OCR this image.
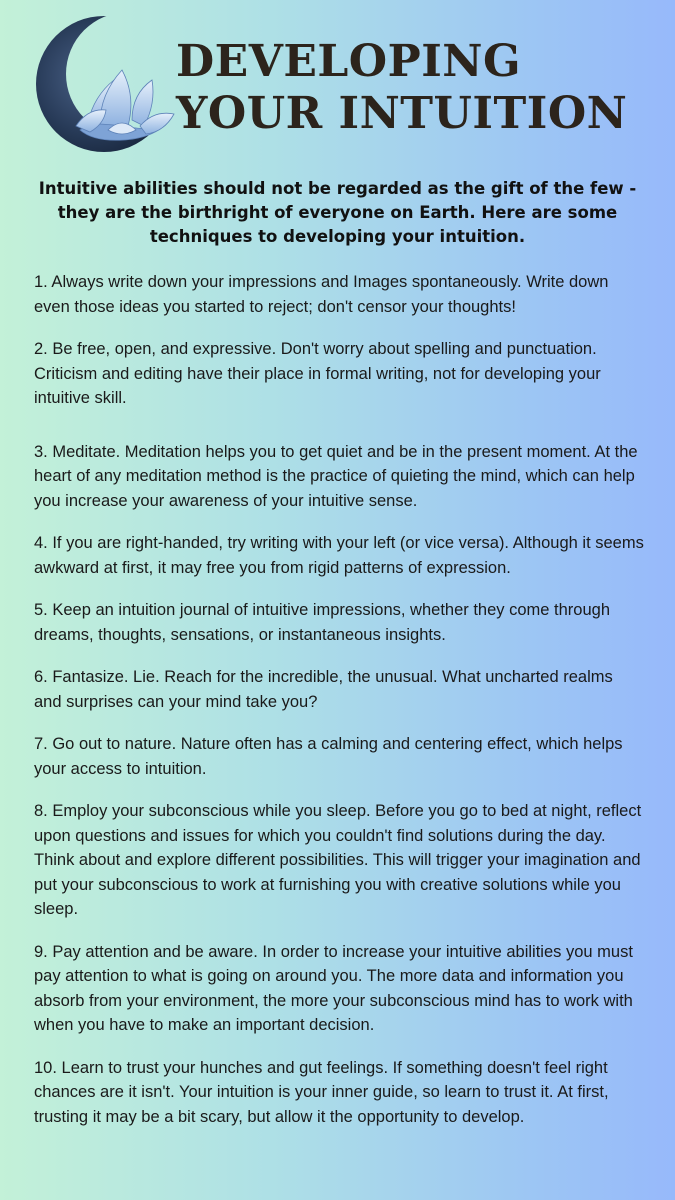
DEVELOPING
YOUR INTUITION

Intuitive abilities should not be regarded as the gift of the few - they are the birthright of everyone on Earth. Here are some techniques to developing your intuition.

1. Always write down your impressions and Images spontaneously. Write down even those ideas you started to reject; don't censor your thoughts!
2. Be free, open, and expressive. Don't worry about spelling and punctuation. Criticism and editing have their place in formal writing, not for developing your intuitive skill.
3. Meditate. Meditation helps you to get quiet and be in the present moment. At the heart of any meditation method is the practice of quieting the mind, which can help you increase your awareness of your intuitive sense.
4. If you are right-handed, try writing with your left (or vice versa). Although it seems awkward at first, it may free you from rigid patterns of expression.
5. Keep an intuition journal of intuitive impressions, whether they come through dreams, thoughts, sensations, or instantaneous insights.
6. Fantasize. Lie. Reach for the incredible, the unusual. What uncharted realms and surprises can your mind take you?
7. Go out to nature. Nature often has a calming and centering effect, which helps your access to intuition.
8. Employ your subconscious while you sleep. Before you go to bed at night, reflect upon questions and issues for which you couldn't find solutions during the day. Think about and explore different possibilities. This will trigger your imagination and put your subconscious to work at furnishing you with creative solutions while you sleep.
9. Pay attention and be aware. In order to increase your intuitive abilities you must pay attention to what is going on around you. The more data and information you absorb from your environment, the more your subconscious mind has to work with when you have to make an important decision.
10. Learn to trust your hunches and gut feelings. If something doesn't feel right chances are it isn't. Your intuition is your inner guide, so learn to trust it. At first, trusting it may be a bit scary, but allow it the opportunity to develop.
